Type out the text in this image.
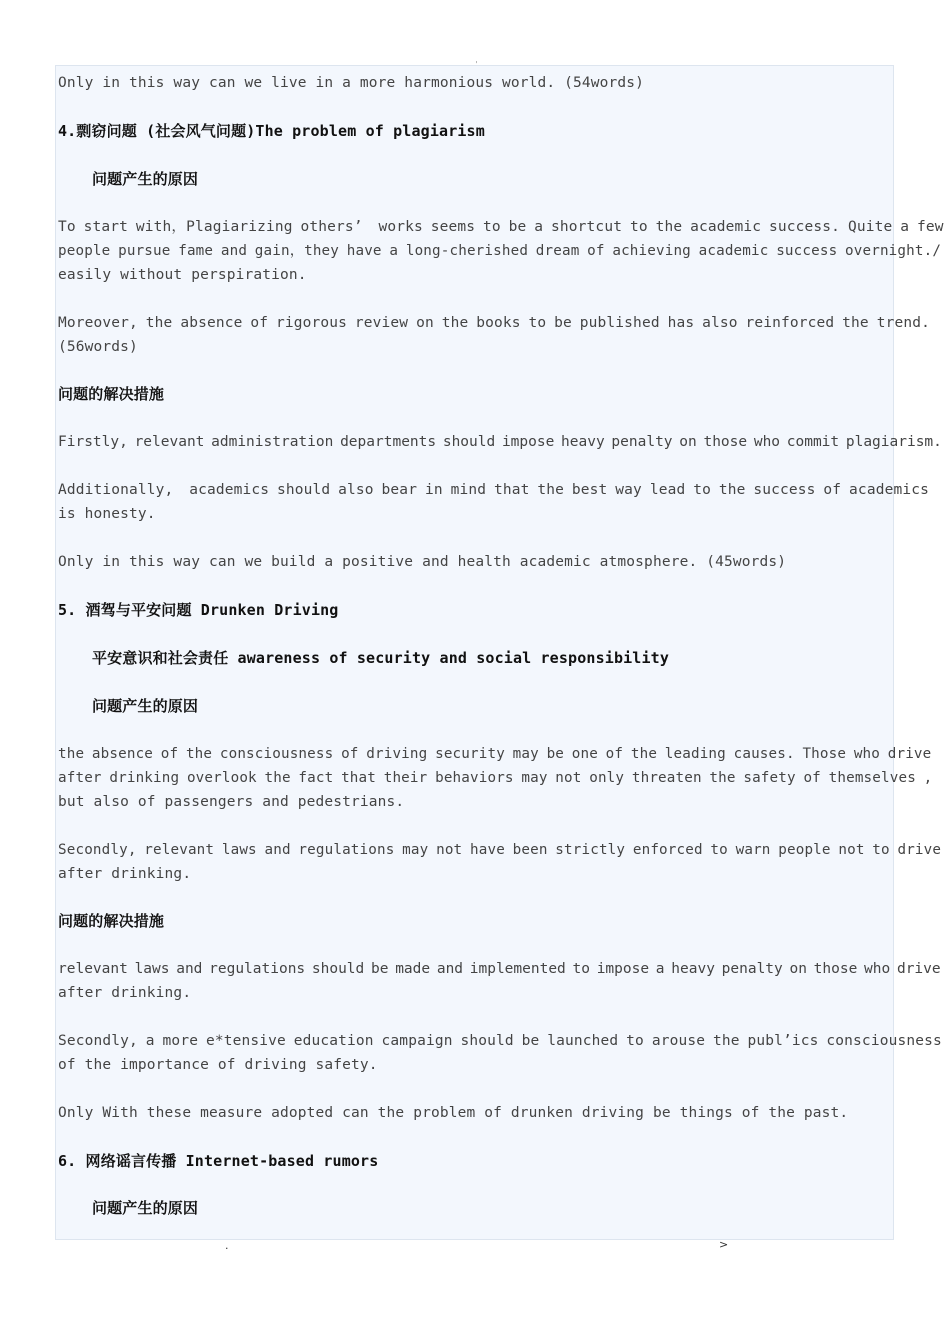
'

Only in this way can we live in a more harmonious world. (54words)

4.剽窃问题 (社会风气问题)The problem of plagiarism

问题产生的原因

To start with，Plagiarizing others’  works seems to be a shortcut to the academic success. Quite a few

people pursue fame and gain，they have a long-cherished dream of achieving academic success overnight./

easily without perspiration.

Moreover, the absence of rigorous review on the books to be published has also reinforced the trend.

(56words)

问题的解决措施

Firstly, relevant administration departments should impose heavy penalty on those who commit plagiarism.

Additionally,  academics should also bear in mind that the best way lead to the success of academics

is honesty.

Only in this way can we build a positive and health academic atmosphere. (45words)

5. 酒驾与平安问题 Drunken Driving

平安意识和社会责任 awareness of security and social responsibility

问题产生的原因

the absence of the consciousness of driving security may be one of the leading causes. Those who drive

after drinking overlook the fact that their behaviors may not only threaten the safety of themselves ,

but also of passengers and pedestrians.

Secondly, relevant laws and regulations may not have been strictly enforced to warn people not to drive

after drinking.

问题的解决措施

relevant laws and regulations should be made and implemented to impose a heavy penalty on those who drive

after drinking.

Secondly, a more e*tensive education campaign should be launched to arouse the publ’ics consciousness

of the importance of driving safety.

Only With these measure adopted can the problem of drunken driving be things of the past.

6. 网络谣言传播 Internet-based rumors

问题产生的原因

.	>
